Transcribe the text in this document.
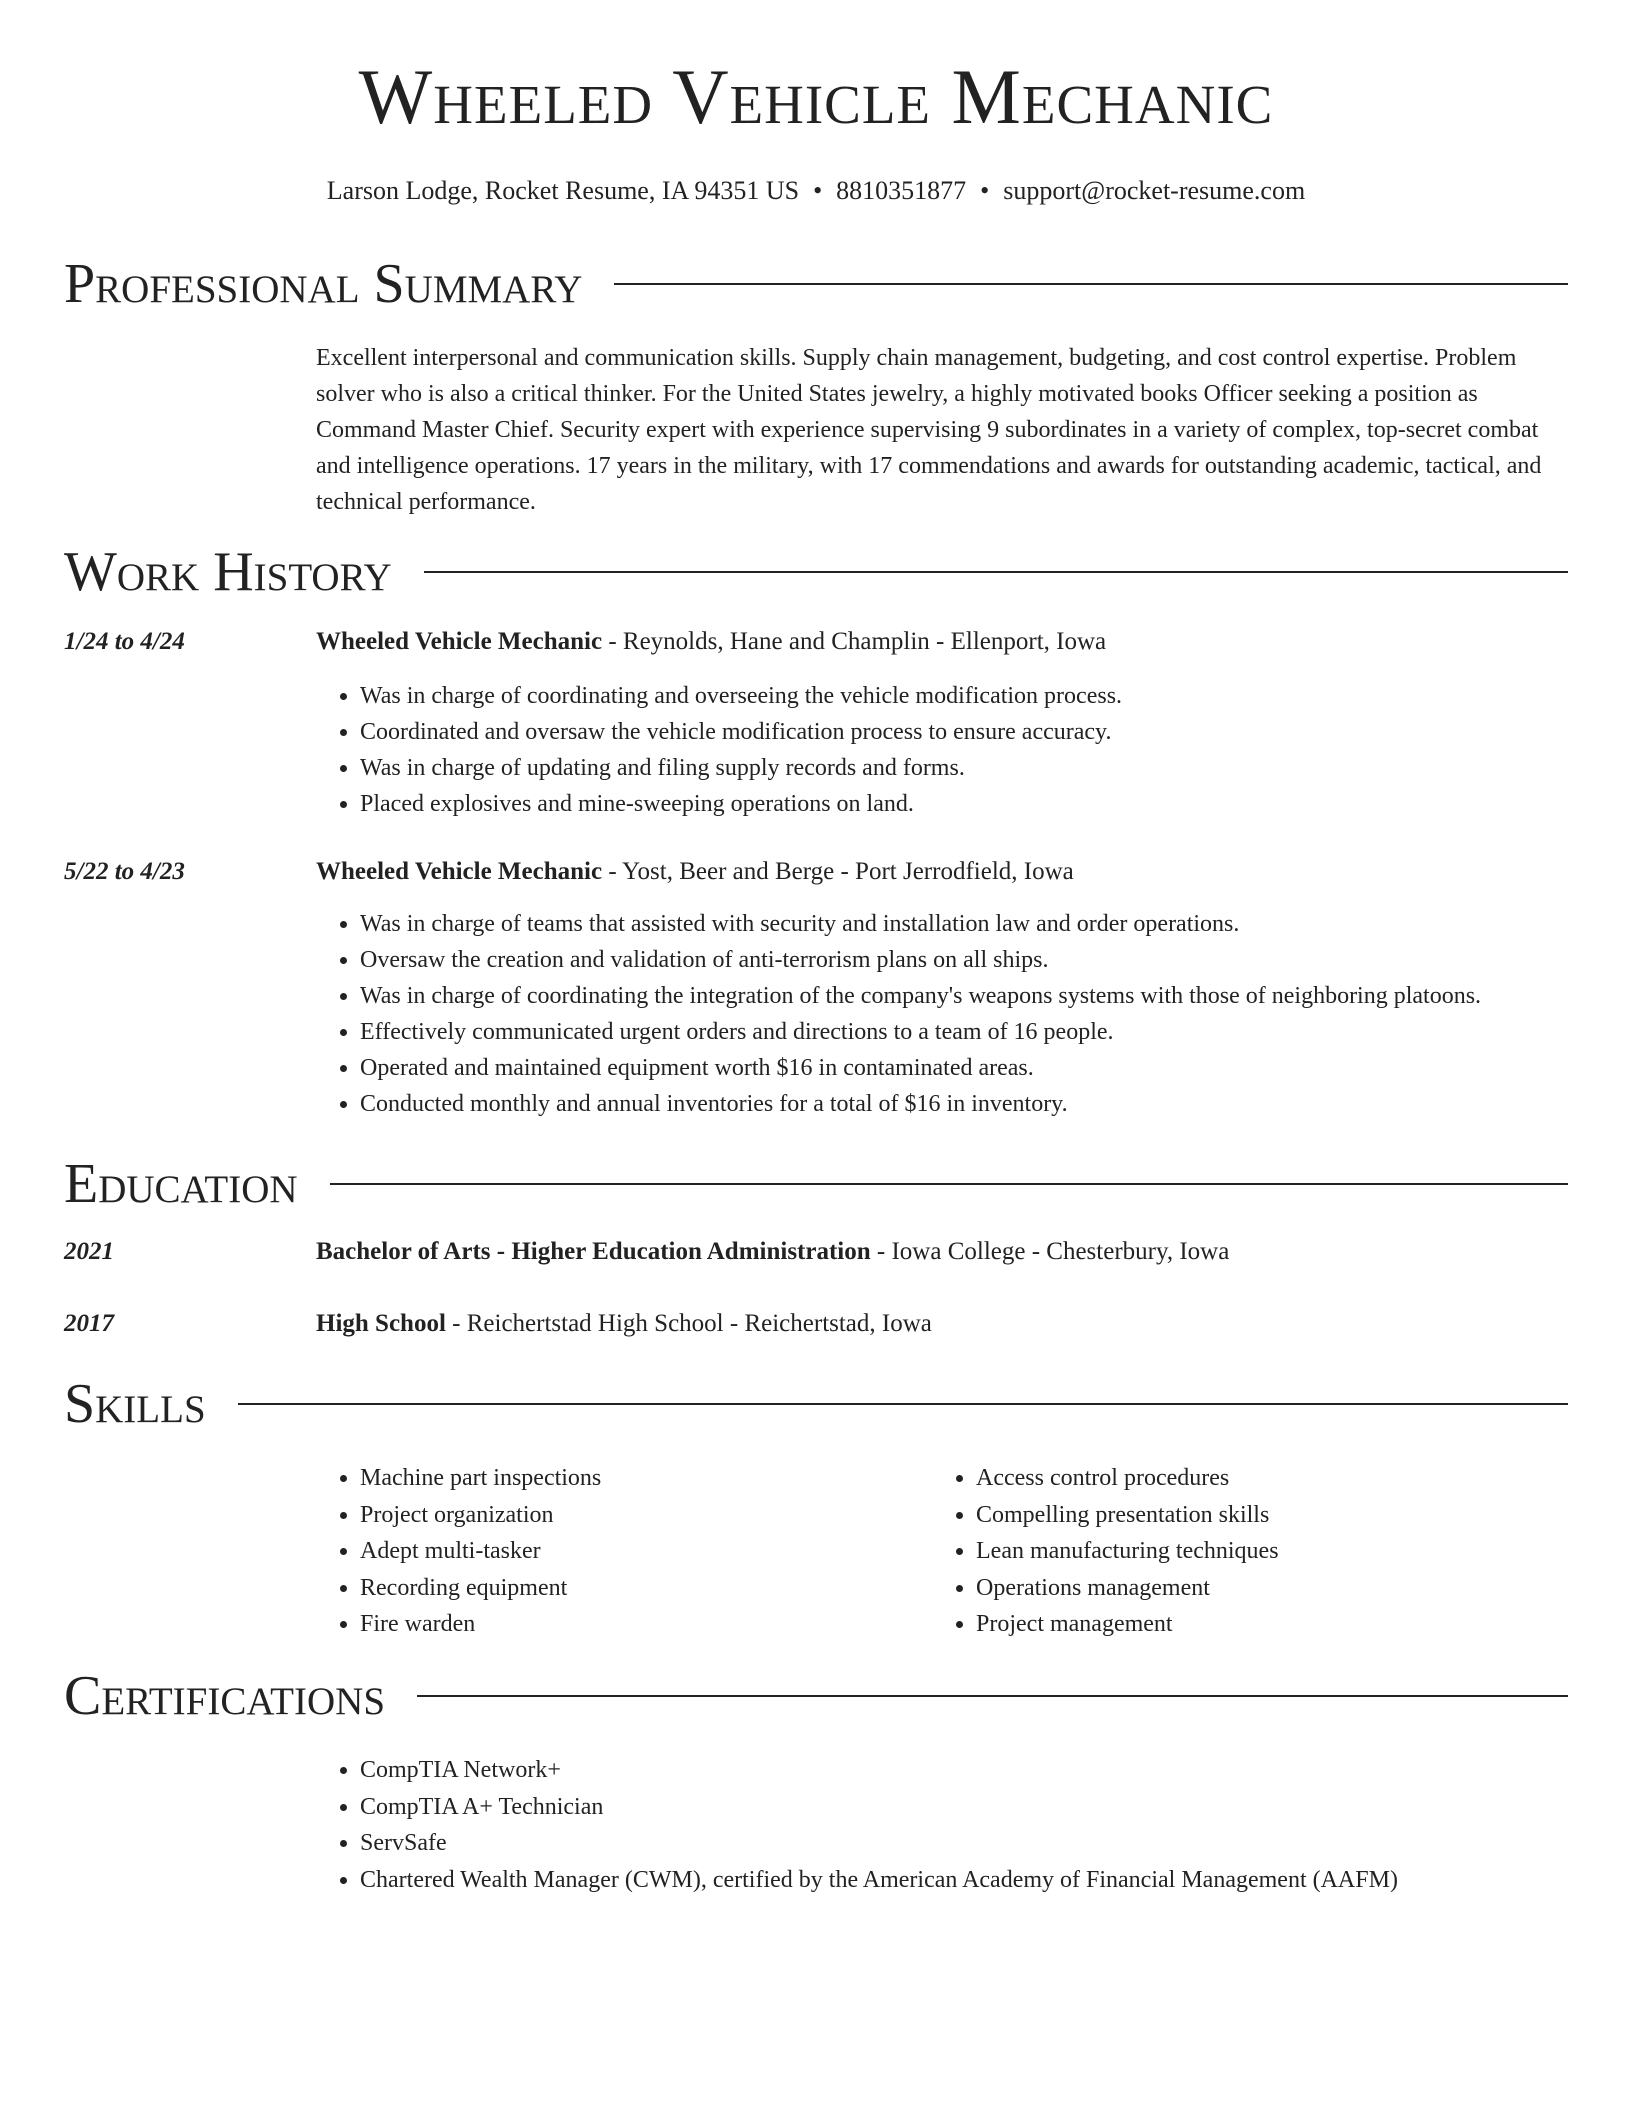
Wheeled Vehicle Mechanic
Larson Lodge, Rocket Resume, IA 94351 US • 8810351877 • support@rocket-resume.com
Professional Summary
Excellent interpersonal and communication skills. Supply chain management, budgeting, and cost control expertise. Problem solver who is also a critical thinker. For the United States jewelry, a highly motivated books Officer seeking a position as Command Master Chief. Security expert with experience supervising 9 subordinates in a variety of complex, top-secret combat and intelligence operations. 17 years in the military, with 17 commendations and awards for outstanding academic, tactical, and technical performance.
Work History
1/24 to 4/24	Wheeled Vehicle Mechanic - Reynolds, Hane and Champlin - Ellenport, Iowa
• Was in charge of coordinating and overseeing the vehicle modification process.
• Coordinated and oversaw the vehicle modification process to ensure accuracy.
• Was in charge of updating and filing supply records and forms.
• Placed explosives and mine-sweeping operations on land.
5/22 to 4/23	Wheeled Vehicle Mechanic - Yost, Beer and Berge - Port Jerrodfield, Iowa
• Was in charge of teams that assisted with security and installation law and order operations.
• Oversaw the creation and validation of anti-terrorism plans on all ships.
• Was in charge of coordinating the integration of the company's weapons systems with those of neighboring platoons.
• Effectively communicated urgent orders and directions to a team of 16 people.
• Operated and maintained equipment worth $16 in contaminated areas.
• Conducted monthly and annual inventories for a total of $16 in inventory.
Education
2021	Bachelor of Arts - Higher Education Administration - Iowa College - Chesterbury, Iowa
2017	High School - Reichertstad High School - Reichertstad, Iowa
Skills
• Machine part inspections
• Project organization
• Adept multi-tasker
• Recording equipment
• Fire warden
• Access control procedures
• Compelling presentation skills
• Lean manufacturing techniques
• Operations management
• Project management
Certifications
• CompTIA Network+
• CompTIA A+ Technician
• ServSafe
• Chartered Wealth Manager (CWM), certified by the American Academy of Financial Management (AAFM)
